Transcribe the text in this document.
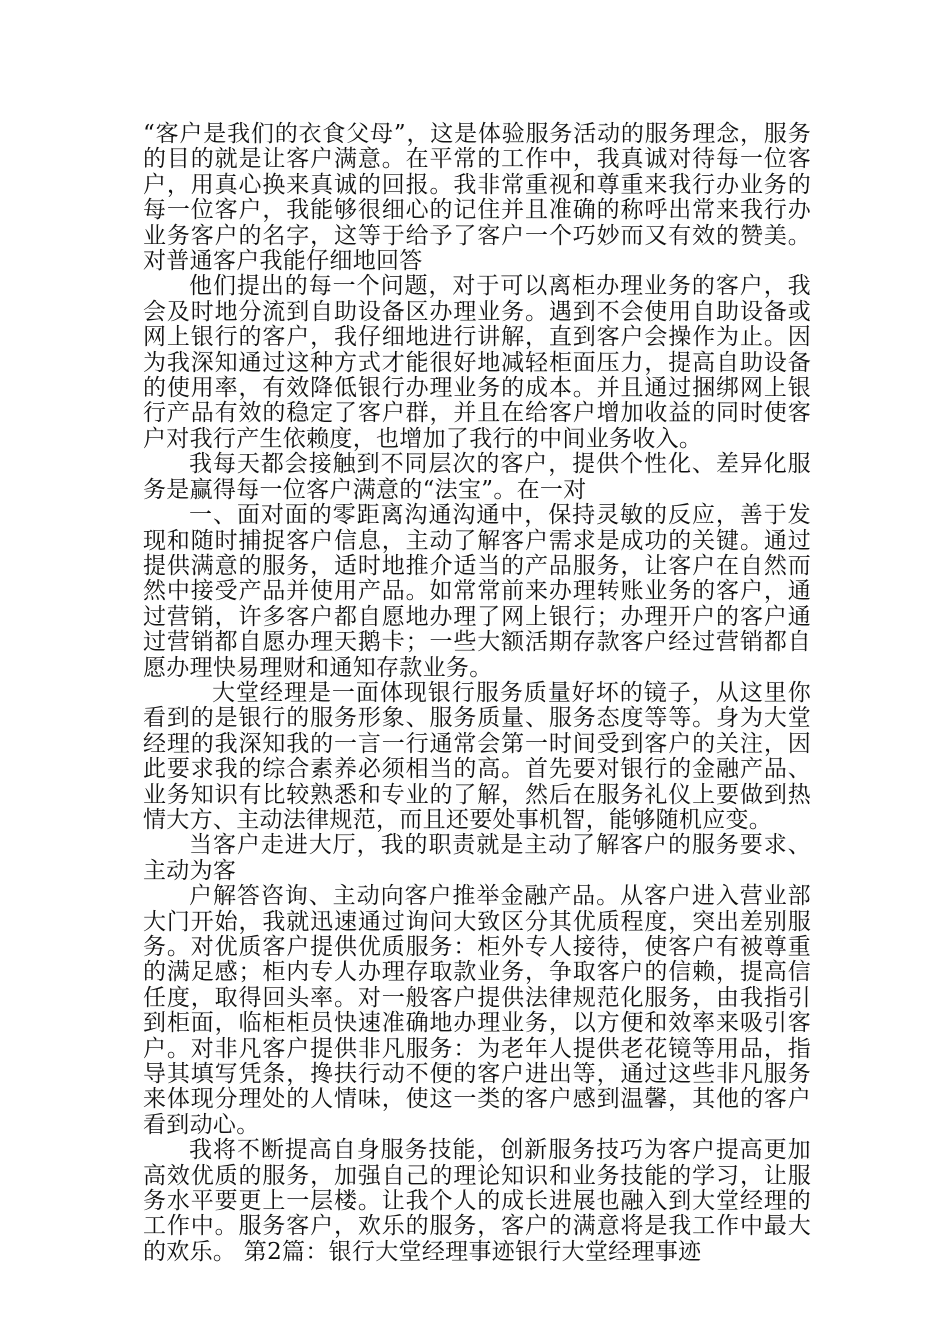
“客户是我们的衣食父母”，这是体验服务活动的服务理念，服务的目的就是让客户满意。在平常的工作中，我真诚对待每一位客户，用真心换来真诚的回报。我非常重视和尊重来我行办业务的每一位客户，我能够很细心的记住并且准确的称呼出常来我行办业务客户的名字，这等于给予了客户一个巧妙而又有效的赞美。对普通客户我能仔细地回答

他们提出的每一个问题，对于可以离柜办理业务的客户，我会及时地分流到自助设备区办理业务。遇到不会使用自助设备或网上银行的客户，我仔细地进行讲解，直到客户会操作为止。因为我深知通过这种方式才能很好地减轻柜面压力，提高自助设备的使用率，有效降低银行办理业务的成本。并且通过捆绑网上银行产品有效的稳定了客户群，并且在给客户增加收益的同时使客户对我行产生依赖度，也增加了我行的中间业务收入。

我每天都会接触到不同层次的客户，提供个性化、差异化服务是赢得每一位客户满意的“法宝”。在一对

一、面对面的零距离沟通沟通中，保持灵敏的反应，善于发现和随时捕捉客户信息，主动了解客户需求是成功的关键。通过提供满意的服务，适时地推介适当的产品服务，让客户在自然而然中接受产品并使用产品。如常常前来办理转账业务的客户，通过营销，许多客户都自愿地办理了网上银行；办理开户的客户通过营销都自愿办理天鹅卡；一些大额活期存款客户经过营销都自愿办理快易理财和通知存款业务。

大堂经理是一面体现银行服务质量好坏的镜子，从这里你看到的是银行的服务形象、服务质量、服务态度等等。身为大堂经理的我深知我的一言一行通常会第一时间受到客户的关注，因此要求我的综合素养必须相当的高。首先要对银行的金融产品、业务知识有比较熟悉和专业的了解，然后在服务礼仪上要做到热情大方、主动法律规范，而且还要处事机智，能够随机应变。

当客户走进大厅，我的职责就是主动了解客户的服务要求、主动为客

户解答咨询、主动向客户推举金融产品。从客户进入营业部大门开始，我就迅速通过询问大致区分其优质程度，突出差别服务。对优质客户提供优质服务：柜外专人接待，使客户有被尊重的满足感；柜内专人办理存取款业务，争取客户的信赖，提高信任度，取得回头率。对一般客户提供法律规范化服务，由我指引到柜面，临柜柜员快速准确地办理业务，以方便和效率来吸引客户。对非凡客户提供非凡服务：为老年人提供老花镜等用品，指导其填写凭条，搀扶行动不便的客户进出等，通过这些非凡服务来体现分理处的人情味，使这一类的客户感到温馨，其他的客户看到动心。

我将不断提高自身服务技能，创新服务技巧为客户提高更加高效优质的服务，加强自己的理论知识和业务技能的学习，让服务水平要更上一层楼。让我个人的成长进展也融入到大堂经理的工作中。服务客户，欢乐的服务，客户的满意将是我工作中最大的欢乐。 第2篇：银行大堂经理事迹银行大堂经理事迹
